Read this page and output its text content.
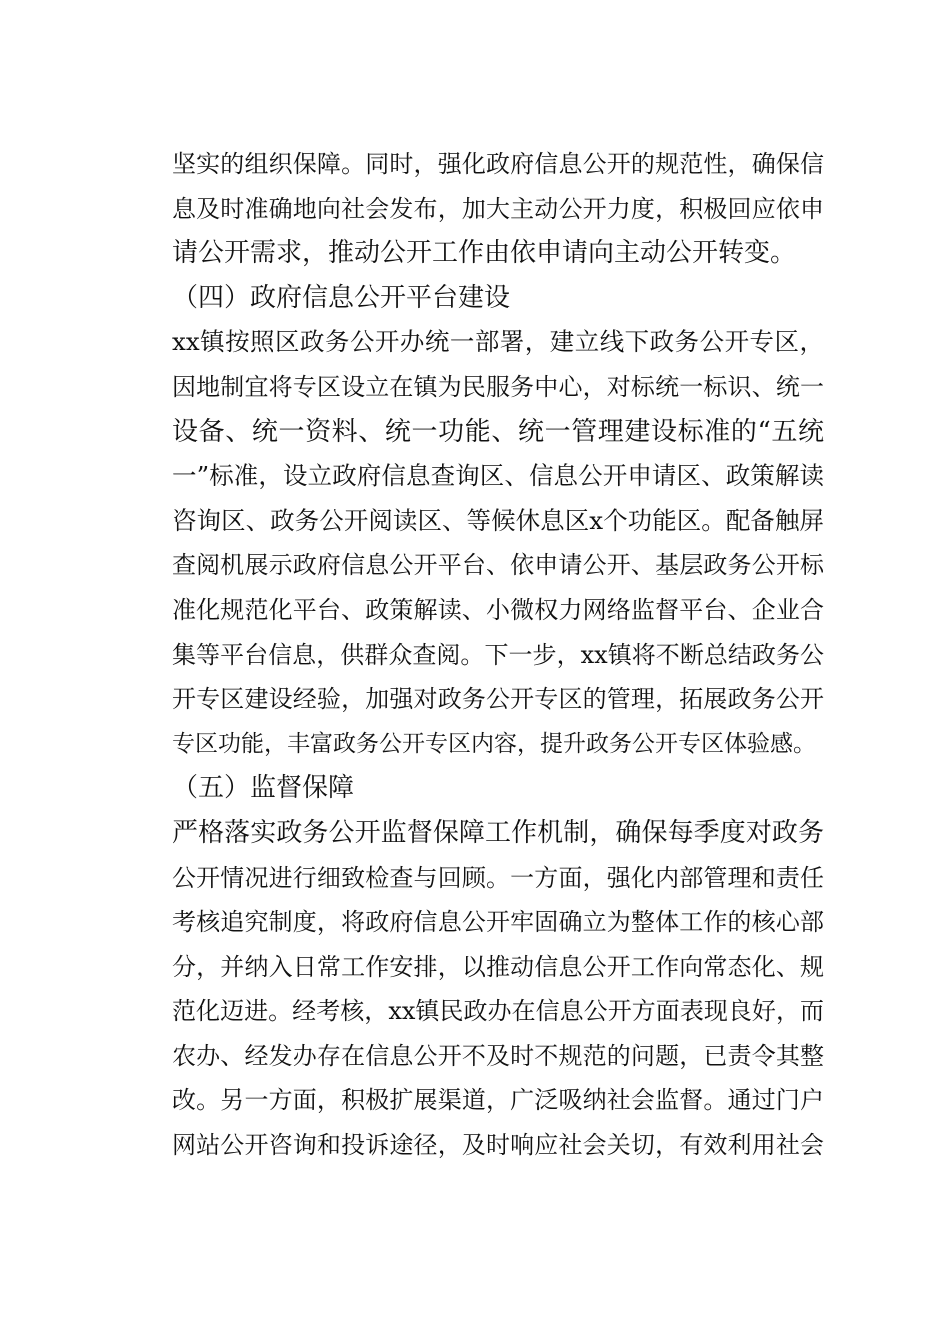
坚实的组织保障。同时，强化政府信息公开的规范性，确保信
息及时准确地向社会发布，加大主动公开力度，积极回应依申
请公开需求，推动公开工作由依申请向主动公开转变。
（四）政府信息公开平台建设
xx镇按照区政务公开办统一部署，建立线下政务公开专区，
因地制宜将专区设立在镇为民服务中心，对标统一标识、统一
设备、统一资料、统一功能、统一管理建设标准的“五统
一”标准，设立政府信息查询区、信息公开申请区、政策解读
咨询区、政务公开阅读区、等候休息区x个功能区。配备触屏
查阅机展示政府信息公开平台、依申请公开、基层政务公开标
准化规范化平台、政策解读、小微权力网络监督平台、企业合
集等平台信息，供群众查阅。下一步，xx镇将不断总结政务公
开专区建设经验，加强对政务公开专区的管理，拓展政务公开
专区功能，丰富政务公开专区内容，提升政务公开专区体验感。
（五）监督保障
严格落实政务公开监督保障工作机制，确保每季度对政务
公开情况进行细致检查与回顾。一方面，强化内部管理和责任
考核追究制度，将政府信息公开牢固确立为整体工作的核心部
分，并纳入日常工作安排，以推动信息公开工作向常态化、规
范化迈进。经考核，xx镇民政办在信息公开方面表现良好，而
农办、经发办存在信息公开不及时不规范的问题，已责令其整
改。另一方面，积极扩展渠道，广泛吸纳社会监督。通过门户
网站公开咨询和投诉途径，及时响应社会关切，有效利用社会
